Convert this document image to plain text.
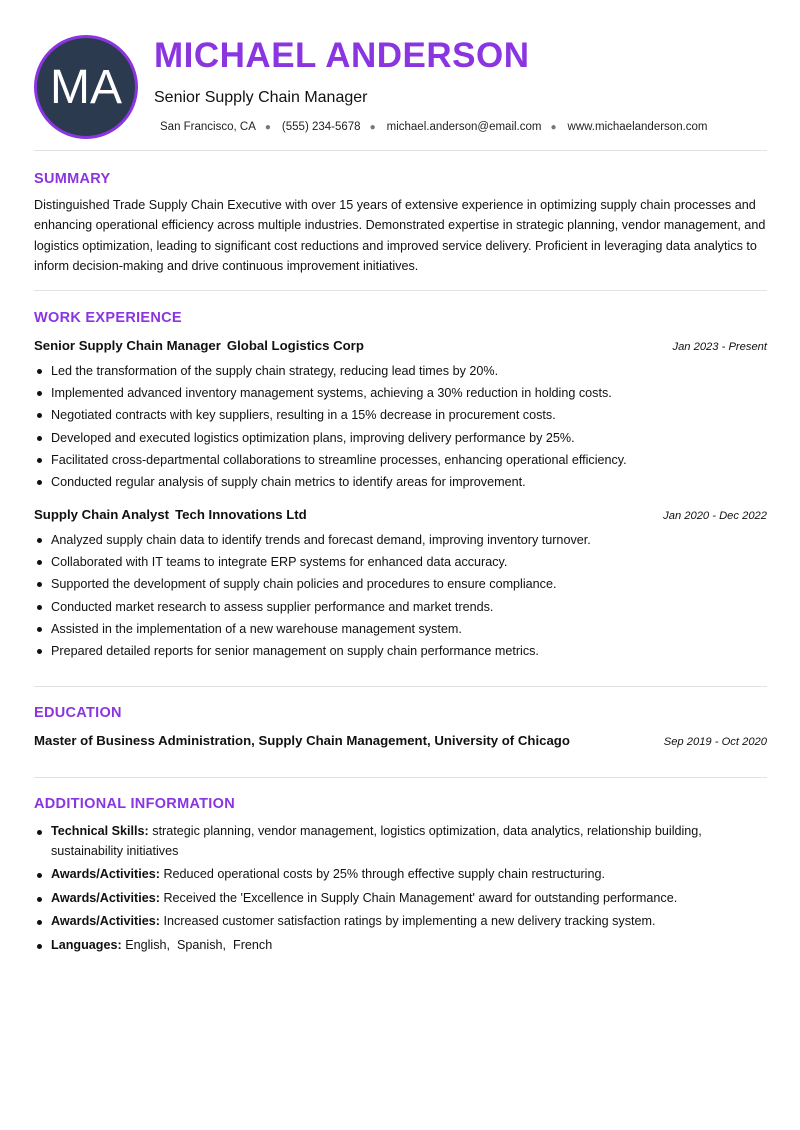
MA
MICHAEL ANDERSON
Senior Supply Chain Manager
San Francisco, CA ● (555) 234-5678 ● michael.anderson@email.com ● www.michaelanderson.com
SUMMARY
Distinguished Trade Supply Chain Executive with over 15 years of extensive experience in optimizing supply chain processes and enhancing operational efficiency across multiple industries. Demonstrated expertise in strategic planning, vendor management, and logistics optimization, leading to significant cost reductions and improved service delivery. Proficient in leveraging data analytics to inform decision-making and drive continuous improvement initiatives.
WORK EXPERIENCE
Senior Supply Chain Manager Global Logistics Corp	Jan 2023 - Present
Led the transformation of the supply chain strategy, reducing lead times by 20%.
Implemented advanced inventory management systems, achieving a 30% reduction in holding costs.
Negotiated contracts with key suppliers, resulting in a 15% decrease in procurement costs.
Developed and executed logistics optimization plans, improving delivery performance by 25%.
Facilitated cross-departmental collaborations to streamline processes, enhancing operational efficiency.
Conducted regular analysis of supply chain metrics to identify areas for improvement.
Supply Chain Analyst Tech Innovations Ltd	Jan 2020 - Dec 2022
Analyzed supply chain data to identify trends and forecast demand, improving inventory turnover.
Collaborated with IT teams to integrate ERP systems for enhanced data accuracy.
Supported the development of supply chain policies and procedures to ensure compliance.
Conducted market research to assess supplier performance and market trends.
Assisted in the implementation of a new warehouse management system.
Prepared detailed reports for senior management on supply chain performance metrics.
EDUCATION
Master of Business Administration, Supply Chain Management, University of Chicago	Sep 2019 - Oct 2020
ADDITIONAL INFORMATION
Technical Skills: strategic planning, vendor management, logistics optimization, data analytics, relationship building, sustainability initiatives
Awards/Activities: Reduced operational costs by 25% through effective supply chain restructuring.
Awards/Activities: Received the 'Excellence in Supply Chain Management' award for outstanding performance.
Awards/Activities: Increased customer satisfaction ratings by implementing a new delivery tracking system.
Languages: English,  Spanish,  French
